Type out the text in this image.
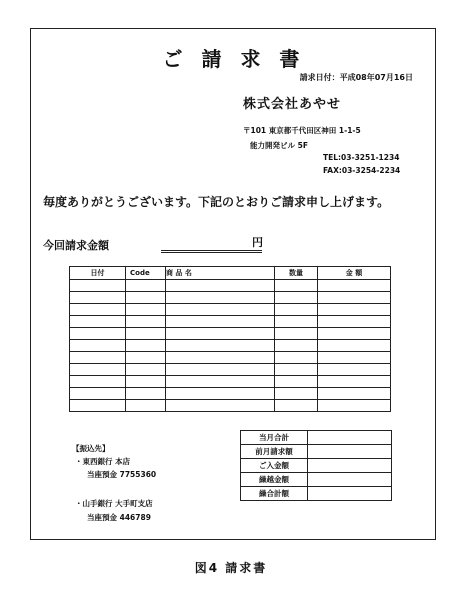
ご 請 求 書
請求日付：平成08年07月16日
株式会社あやせ
〒101 東京都千代田区神田 1-1-5
能力開発ビル 5F
TEL:03-3251-1234
FAX:03-3254-2234
毎度ありがとうございます。下記のとおりご請求申し上げます。
今回請求金額	円
日付	Code	商 品 名	数量	金 額

当月合計	
前月請求額	
ご入金額	
繰越金額	
繰合計額	
【振込先】
・東西銀行 本店
当座預金 7755360
・山手銀行 大手町支店
当座預金 446789
図4 請求書
